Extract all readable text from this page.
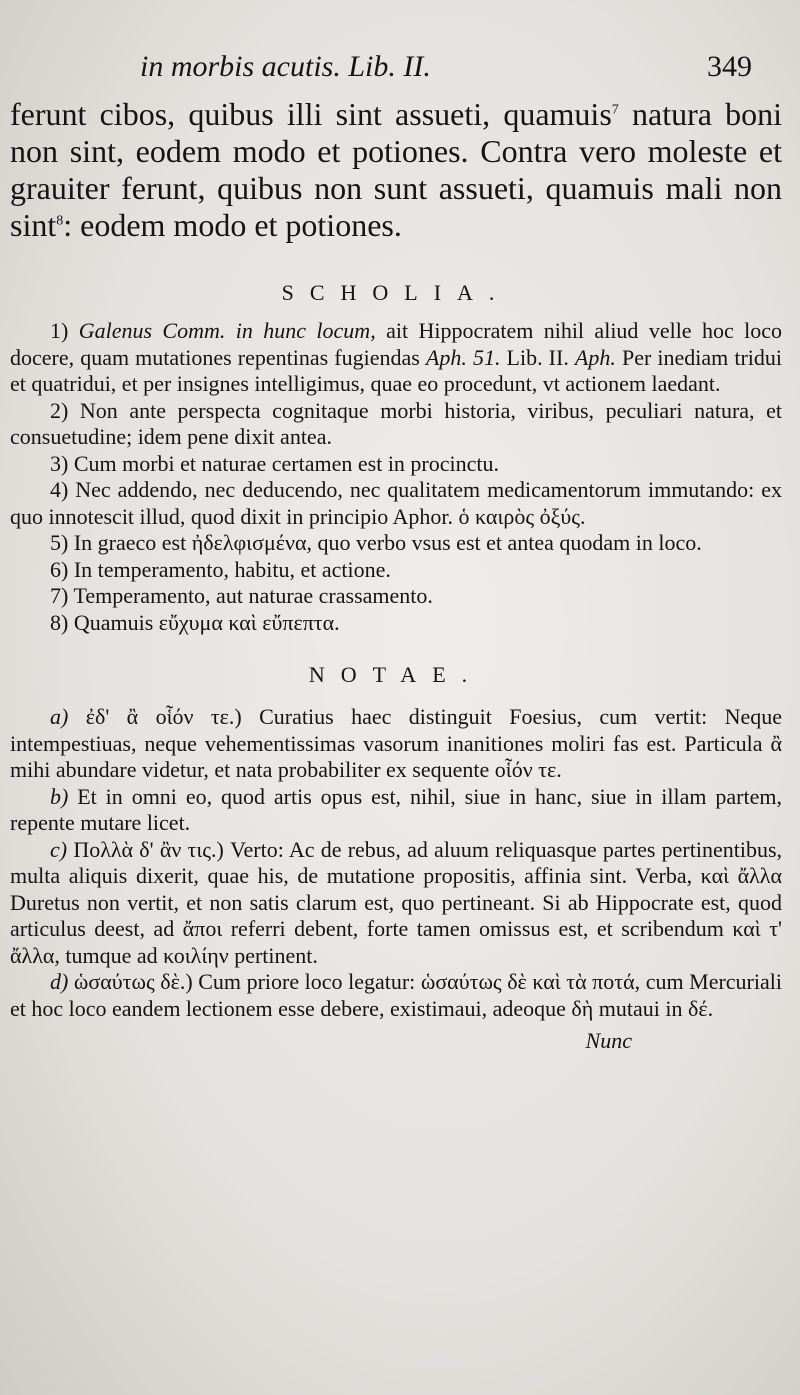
in morbis acutis. Lib. II.	349

ferunt cibos, quibus illi sint assueti, quamuis$^7$ natura boni non sint, eodem modo et potiones. Contra vero moleste et grauiter ferunt, quibus non sunt assueti, quamuis mali non sint$^8$: eodem modo et potiones.

SCHOLIA.

1) Galenus Comm. in hunc locum, ait Hippocratem nihil aliud velle hoc loco docere, quam mutationes repentinas fugiendas Aph. 51. Lib. II. Aph. Per inediam tridui et quatridui, et per insignes intelligimus, quae eo procedunt, vt actionem laedant.

2) Non ante perspecta cognitaque morbi historia, viribus, peculiari natura, et consuetudine; idem pene dixit antea.

3) Cum morbi et naturae certamen est in procinctu.

4) Nec addendo, nec deducendo, nec qualitatem medicamentorum immutando: ex quo innotescit illud, quod dixit in principio Aphor. ὁ καιρὸς ὀξύς.

5) In graeco est ἠδελφισμένα, quo verbo vsus est et antea quodam in loco.

6) In temperamento, habitu, et actione.

7) Temperamento, aut naturae crassamento.

8) Quamuis εὔχυμα καὶ εὔπεπτα.

NOTAE.

a) ἐδ' ἂ οἷόν τε.) Curatius haec distinguit Foesius, cum vertit: Neque intempestiuas, neque vehementissimas vasorum inanitiones moliri fas est. Particula ἂ mihi abundare videtur, et nata probabiliter ex sequente οἷόν τε.

b) Et in omni eo, quod artis opus est, nihil, siue in hanc, siue in illam partem, repente mutare licet.

c) Πολλὰ δ' ἂν τις.) Verto: Ac de rebus, ad aluum reliquasque partes pertinentibus, multa aliquis dixerit, quae his, de mutatione propositis, affinia sint. Verba, καὶ ἄλλα Duretus non vertit, et non satis clarum est, quo pertineant. Si ab Hippocrate est, quod articulus deest, ad ἄποι referri debent, forte tamen omissus est, et scribendum καὶ τ' ἄλλα, tumque ad κοιλίην pertinent.

d) ὡσαύτως δὲ.) Cum priore loco legatur: ὡσαύτως δὲ καὶ τὰ ποτά, cum Mercuriali et hoc loco eandem lectionem esse debere, existimaui, adeoque δὴ mutaui in δέ.

Nunc
